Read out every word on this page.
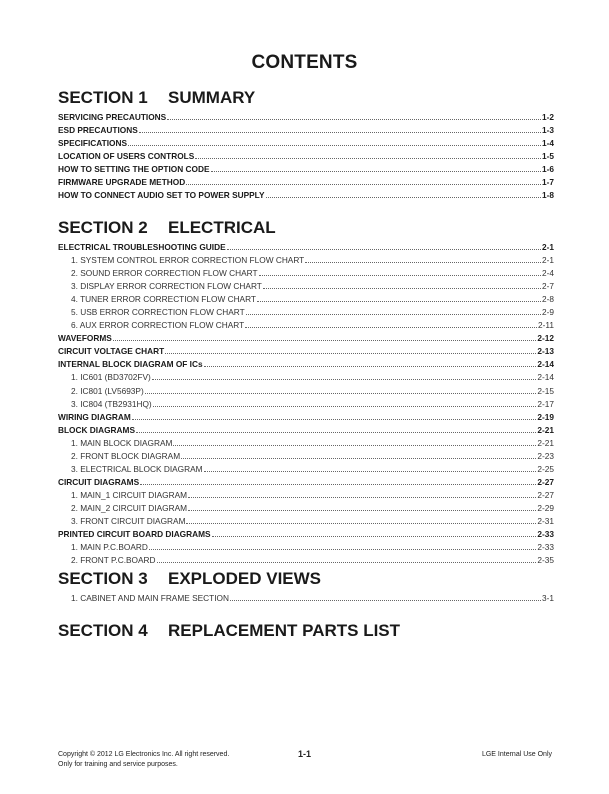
CONTENTS
SECTION 1 SUMMARY
SERVICING PRECAUTIONS	1-2
ESD PRECAUTIONS	1-3
SPECIFICATIONS	1-4
LOCATION OF USERS CONTROLS	1-5
HOW TO SETTING THE OPTION CODE	1-6
FIRMWARE UPGRADE METHOD	1-7
HOW TO CONNECT AUDIO SET TO POWER SUPPLY	1-8
SECTION 2 ELECTRICAL
ELECTRICAL TROUBLESHOOTING GUIDE	2-1
1. SYSTEM CONTROL ERROR CORRECTION FLOW CHART	2-1
2. SOUND ERROR CORRECTION FLOW CHART	2-4
3. DISPLAY ERROR CORRECTION FLOW CHART	2-7
4. TUNER ERROR CORRECTION FLOW CHART	2-8
5. USB ERROR CORRECTION FLOW CHART	2-9
6. AUX ERROR CORRECTION FLOW CHART	2-11
WAVEFORMS	2-12
CIRCUIT VOLTAGE CHART	2-13
INTERNAL BLOCK DIAGRAM OF ICs	2-14
1. IC601 (BD3702FV)	2-14
2. IC801 (LV5693P)	2-15
3. IC804 (TB2931HQ)	2-17
WIRING DIAGRAM	2-19
BLOCK DIAGRAMS	2-21
1. MAIN BLOCK DIAGRAM	2-21
2. FRONT BLOCK DIAGRAM	2-23
3. ELECTRICAL BLOCK DIAGRAM	2-25
CIRCUIT DIAGRAMS	2-27
1. MAIN_1 CIRCUIT DIAGRAM	2-27
2. MAIN_2 CIRCUIT DIAGRAM	2-29
3. FRONT CIRCUIT DIAGRAM	2-31
PRINTED CIRCUIT BOARD DIAGRAMS	2-33
1. MAIN P.C.BOARD	2-33
2. FRONT P.C.BOARD	2-35
SECTION 3 EXPLODED VIEWS
1. CABINET AND MAIN FRAME SECTION	3-1
SECTION 4 REPLACEMENT PARTS LIST
Copyright © 2012 LG Electronics Inc. All right reserved.
Only for training and service purposes.
1-1	LGE Internal Use Only
